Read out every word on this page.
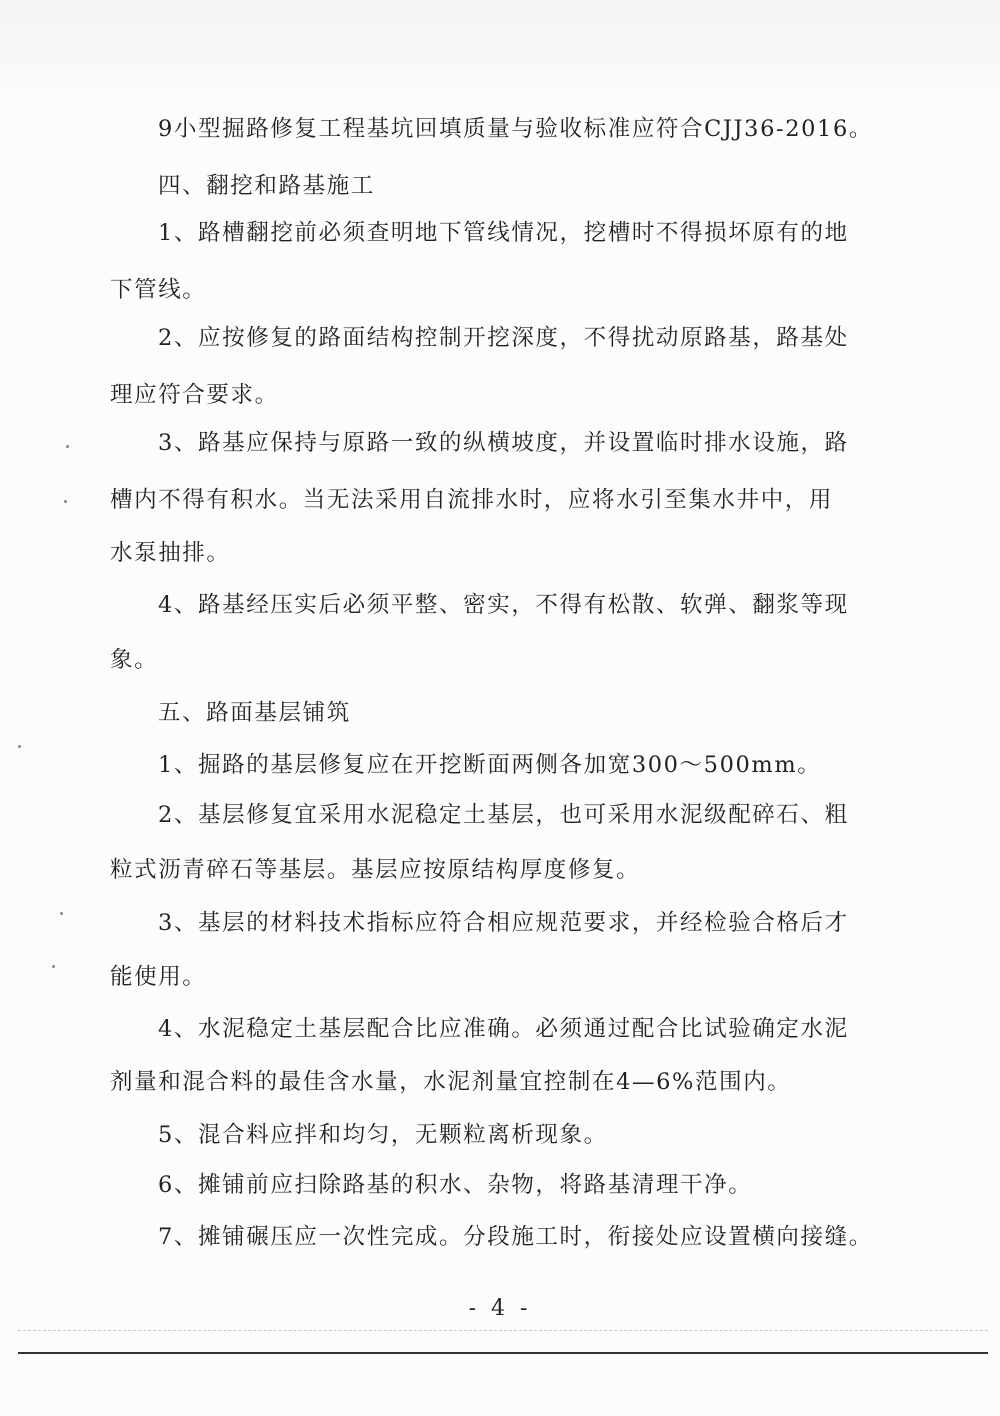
9小型掘路修复工程基坑回填质量与验收标准应符合CJJ36-2016。
四、翻挖和路基施工
1、路槽翻挖前必须查明地下管线情况，挖槽时不得损坏原有的地
下管线。
2、应按修复的路面结构控制开挖深度，不得扰动原路基，路基处
理应符合要求。
3、路基应保持与原路一致的纵横坡度，并设置临时排水设施，路
槽内不得有积水。当无法采用自流排水时，应将水引至集水井中，用
水泵抽排。
4、路基经压实后必须平整、密实，不得有松散、软弹、翻浆等现
象。
五、路面基层铺筑
1、掘路的基层修复应在开挖断面两侧各加宽300～500mm。
2、基层修复宜采用水泥稳定土基层，也可采用水泥级配碎石、粗
粒式沥青碎石等基层。基层应按原结构厚度修复。
3、基层的材料技术指标应符合相应规范要求，并经检验合格后才
能使用。
4、水泥稳定土基层配合比应准确。必须通过配合比试验确定水泥
剂量和混合料的最佳含水量，水泥剂量宜控制在4—6%范围内。
5、混合料应拌和均匀，无颗粒离析现象。
6、摊铺前应扫除路基的积水、杂物，将路基清理干净。
7、摊铺碾压应一次性完成。分段施工时，衔接处应设置横向接缝。
- 4 -
